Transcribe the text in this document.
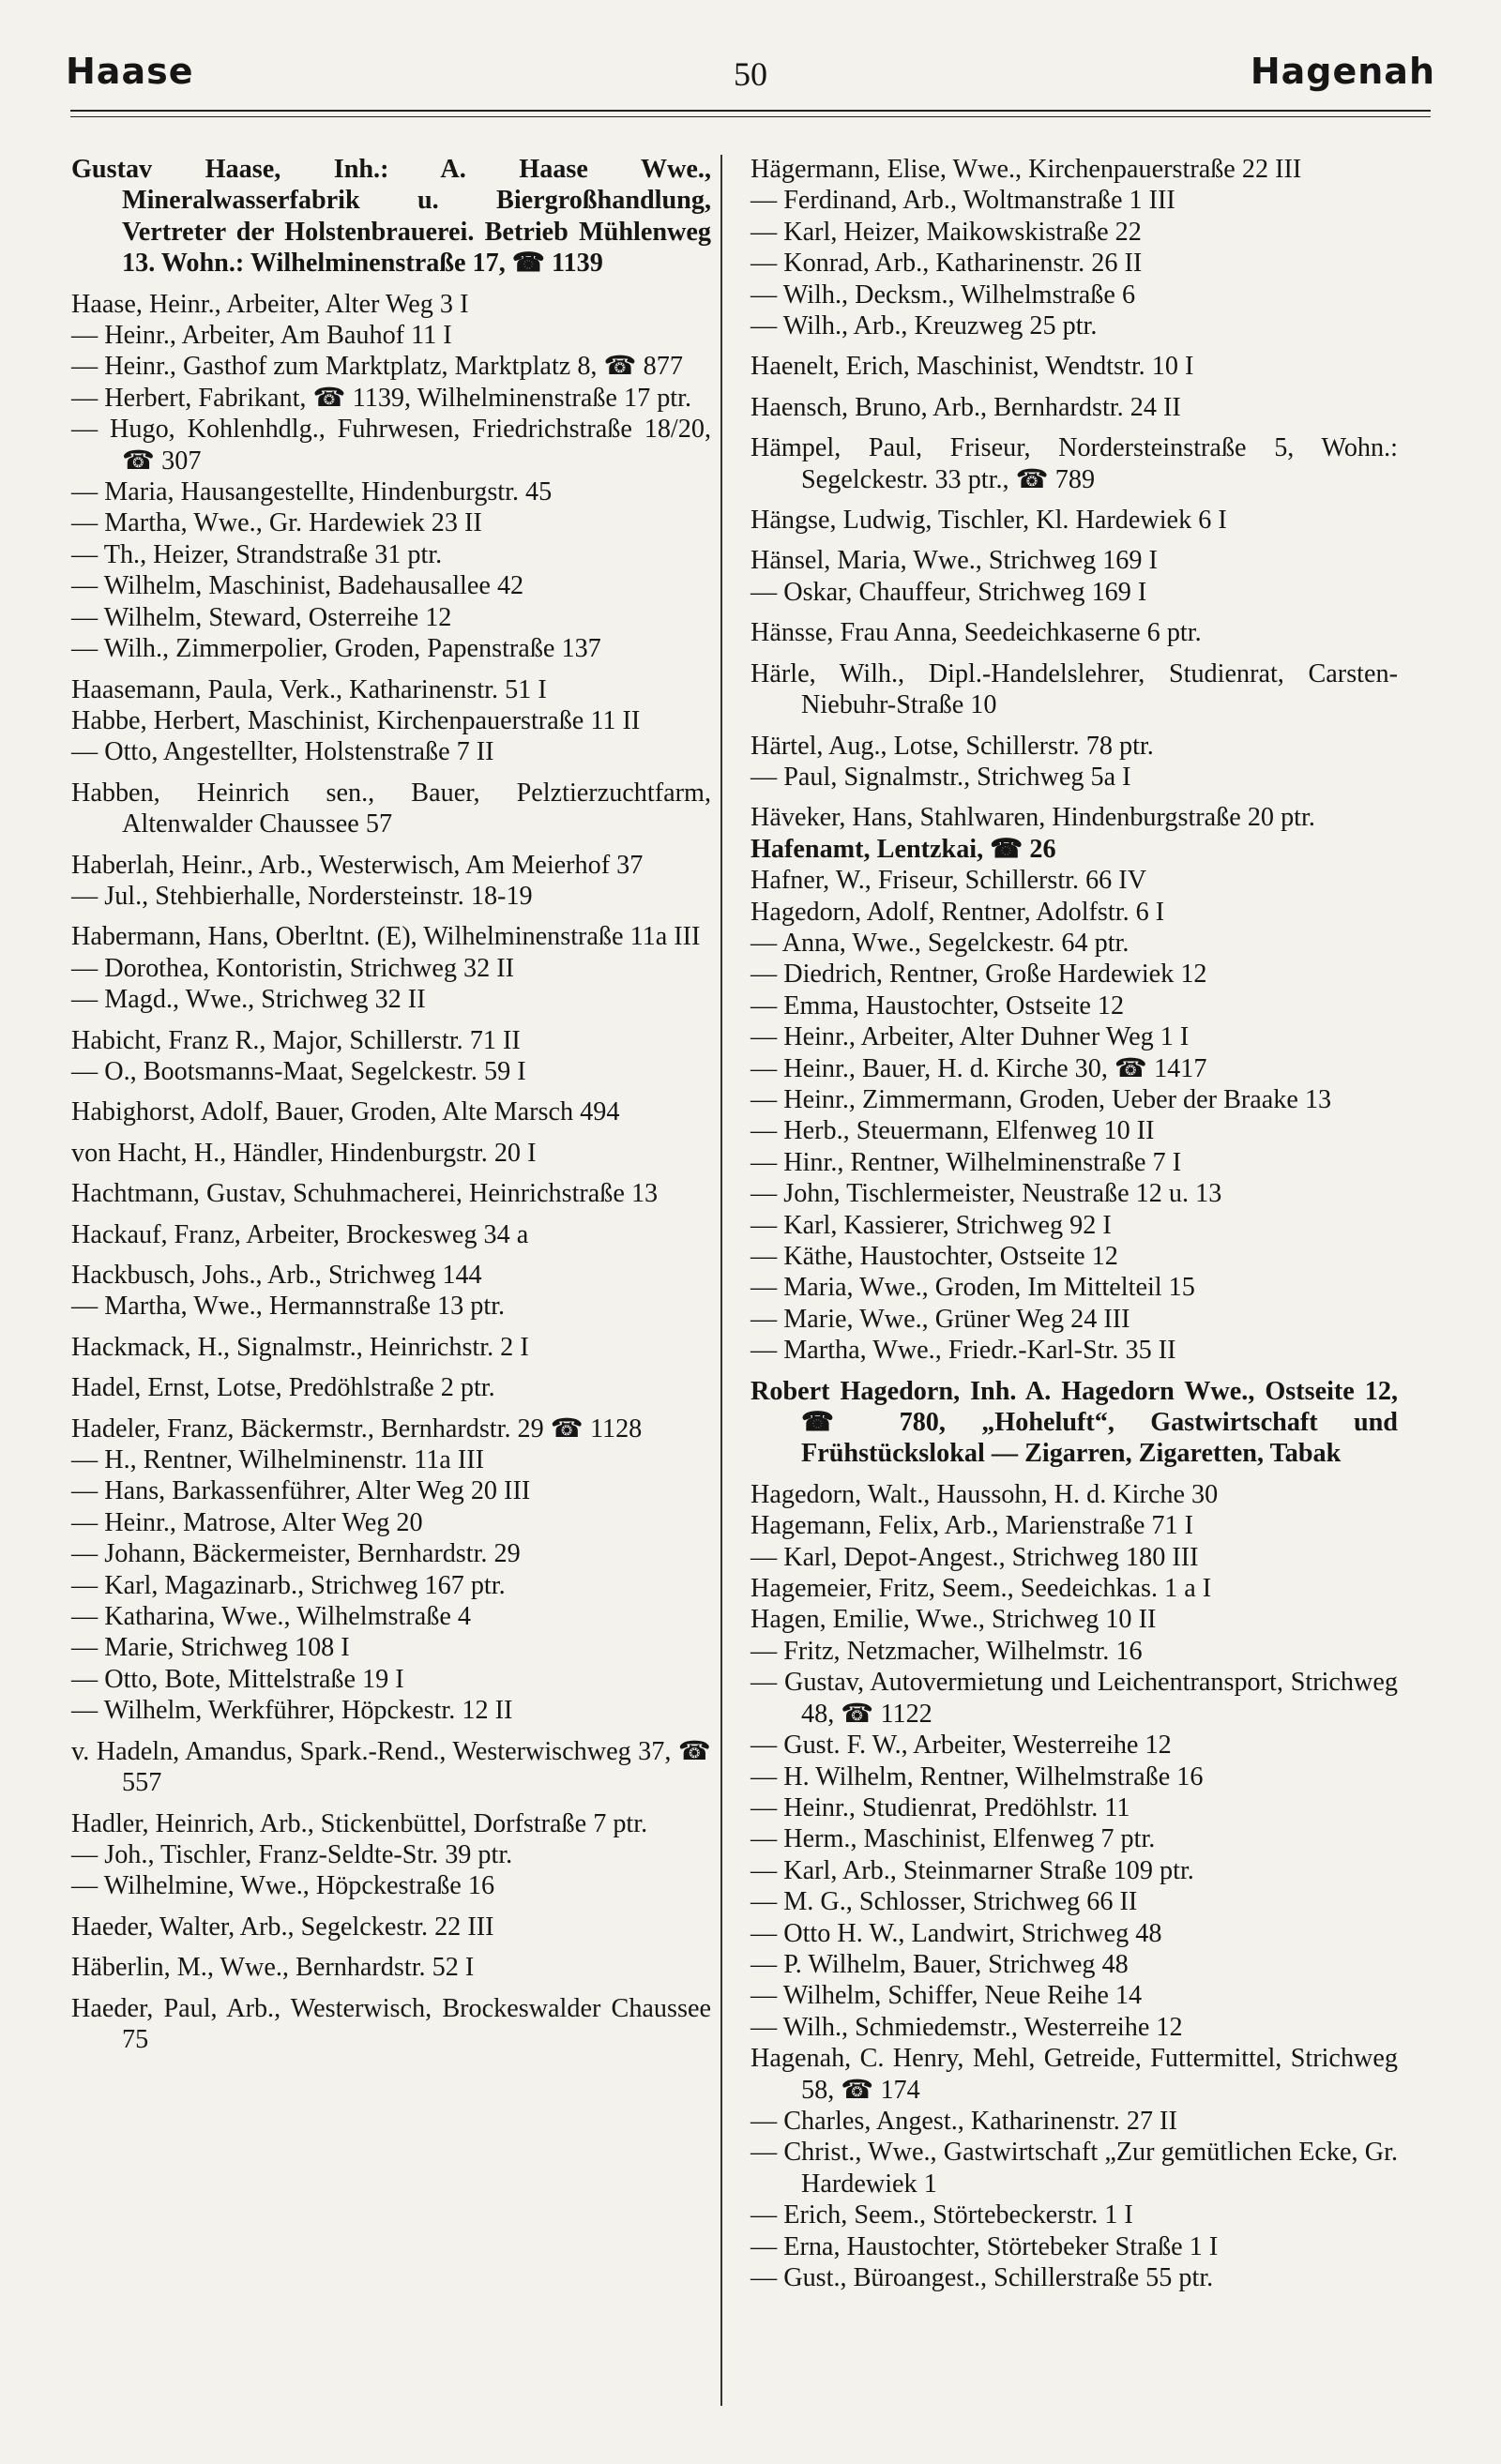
Haase	50	Hagenah
Gustav Haase, Inh.: A. Haase Wwe., Mineralwasserfabrik u. Biergroßhandlung, Vertreter der Holstenbrauerei. Betrieb Mühlenweg 13. Wohn.: Wilhelminenstraße 17, ☎ 1139
Haase, Heinr., Arbeiter, Alter Weg 3 I
— Heinr., Arbeiter, Am Bauhof 11 I
— Heinr., Gasthof zum Marktplatz, Marktplatz 8, ☎ 877
— Herbert, Fabrikant, ☎ 1139, Wilhelminenstraße 17 ptr.
— Hugo, Kohlenhdlg., Fuhrwesen, Friedrichstraße 18/20, ☎ 307
— Maria, Hausangestellte, Hindenburgstr. 45
— Martha, Wwe., Gr. Hardewiek 23 II
— Th., Heizer, Strandstraße 31 ptr.
— Wilhelm, Maschinist, Badehausallee 42
— Wilhelm, Steward, Osterreihe 12
— Wilh., Zimmerpolier, Groden, Papenstraße 137
Haasemann, Paula, Verk., Katharinenstr. 51 I
Habbe, Herbert, Maschinist, Kirchenpauerstraße 11 II
— Otto, Angestellter, Holstenstraße 7 II
Habben, Heinrich sen., Bauer, Pelztierzuchtfarm, Altenwalder Chaussee 57
Haberlah, Heinr., Arb., Westerwisch, Am Meierhof 37
— Jul., Stehbierhalle, Nordersteinstr. 18-19
Habermann, Hans, Oberltnt. (E), Wilhelminenstraße 11a III
— Dorothea, Kontoristin, Strichweg 32 II
— Magd., Wwe., Strichweg 32 II
Habicht, Franz R., Major, Schillerstr. 71 II
— O., Bootsmanns-Maat, Segelckestr. 59 I
Habighorst, Adolf, Bauer, Groden, Alte Marsch 494
von Hacht, H., Händler, Hindenburgstr. 20 I
Hachtmann, Gustav, Schuhmacherei, Heinrichstraße 13
Hackauf, Franz, Arbeiter, Brockesweg 34 a
Hackbusch, Johs., Arb., Strichweg 144
— Martha, Wwe., Hermannstraße 13 ptr.
Hackmack, H., Signalmstr., Heinrichstr. 2 I
Hadel, Ernst, Lotse, Predöhlstraße 2 ptr.
Hadeler, Franz, Bäckermstr., Bernhardstr. 29 ☎ 1128
— H., Rentner, Wilhelminenstr. 11a III
— Hans, Barkassenführer, Alter Weg 20 III
— Heinr., Matrose, Alter Weg 20
— Johann, Bäckermeister, Bernhardstr. 29
— Karl, Magazinarb., Strichweg 167 ptr.
— Katharina, Wwe., Wilhelmstraße 4
— Marie, Strichweg 108 I
— Otto, Bote, Mittelstraße 19 I
— Wilhelm, Werkführer, Höpckestr. 12 II
v. Hadeln, Amandus, Spark.-Rend., Westerwischweg 37, ☎ 557
Hadler, Heinrich, Arb., Stickenbüttel, Dorfstraße 7 ptr.
— Joh., Tischler, Franz-Seldte-Str. 39 ptr.
— Wilhelmine, Wwe., Höpckestraße 16
Haeder, Walter, Arb., Segelckestr. 22 III
Häberlin, M., Wwe., Bernhardstr. 52 I
Haeder, Paul, Arb., Westerwisch, Brockeswalder Chaussee 75
Hägermann, Elise, Wwe., Kirchenpauerstraße 22 III
— Ferdinand, Arb., Woltmanstraße 1 III
— Karl, Heizer, Maikowskistraße 22
— Konrad, Arb., Katharinenstr. 26 II
— Wilh., Decksm., Wilhelmstraße 6
— Wilh., Arb., Kreuzweg 25 ptr.
Haenelt, Erich, Maschinist, Wendtstr. 10 I
Haensch, Bruno, Arb., Bernhardstr. 24 II
Hämpel, Paul, Friseur, Nordersteinstraße 5, Wohn.: Segelckestr. 33 ptr., ☎ 789
Hängse, Ludwig, Tischler, Kl. Hardewiek 6 I
Hänsel, Maria, Wwe., Strichweg 169 I
— Oskar, Chauffeur, Strichweg 169 I
Hänsse, Frau Anna, Seedeichkaserne 6 ptr.
Härle, Wilh., Dipl.-Handelslehrer, Studienrat, Carsten-Niebuhr-Straße 10
Härtel, Aug., Lotse, Schillerstr. 78 ptr.
— Paul, Signalmstr., Strichweg 5a I
Häveker, Hans, Stahlwaren, Hindenburgstraße 20 ptr.
Hafenamt, Lentzkai, ☎ 26
Hafner, W., Friseur, Schillerstr. 66 IV
Hagedorn, Adolf, Rentner, Adolfstr. 6 I
— Anna, Wwe., Segelckestr. 64 ptr.
— Diedrich, Rentner, Große Hardewiek 12
— Emma, Haustochter, Ostseite 12
— Heinr., Arbeiter, Alter Duhner Weg 1 I
— Heinr., Bauer, H. d. Kirche 30, ☎ 1417
— Heinr., Zimmermann, Groden, Ueber der Braake 13
— Herb., Steuermann, Elfenweg 10 II
— Hinr., Rentner, Wilhelminenstraße 7 I
— John, Tischlermeister, Neustraße 12 u. 13
— Karl, Kassierer, Strichweg 92 I
— Käthe, Haustochter, Ostseite 12
— Maria, Wwe., Groden, Im Mittelteil 15
— Marie, Wwe., Grüner Weg 24 III
— Martha, Wwe., Friedr.-Karl-Str. 35 II
Robert Hagedorn, Inh. A. Hagedorn Wwe., Ostseite 12, ☎ 780, „Hoheluft“, Gastwirtschaft und Frühstückslokal — Zigarren, Zigaretten, Tabak
Hagedorn, Walt., Haussohn, H. d. Kirche 30
Hagemann, Felix, Arb., Marienstraße 71 I
— Karl, Depot-Angest., Strichweg 180 III
Hagemeier, Fritz, Seem., Seedeichkas. 1 a I
Hagen, Emilie, Wwe., Strichweg 10 II
— Fritz, Netzmacher, Wilhelmstr. 16
— Gustav, Autovermietung und Leichentransport, Strichweg 48, ☎ 1122
— Gust. F. W., Arbeiter, Westerreihe 12
— H. Wilhelm, Rentner, Wilhelmstraße 16
— Heinr., Studienrat, Predöhlstr. 11
— Herm., Maschinist, Elfenweg 7 ptr.
— Karl, Arb., Steinmarner Straße 109 ptr.
— M. G., Schlosser, Strichweg 66 II
— Otto H. W., Landwirt, Strichweg 48
— P. Wilhelm, Bauer, Strichweg 48
— Wilhelm, Schiffer, Neue Reihe 14
— Wilh., Schmiedemstr., Westerreihe 12
Hagenah, C. Henry, Mehl, Getreide, Futtermittel, Strichweg 58, ☎ 174
— Charles, Angest., Katharinenstr. 27 II
— Christ., Wwe., Gastwirtschaft „Zur gemütlichen Ecke, Gr. Hardewiek 1
— Erich, Seem., Störtebeckerstr. 1 I
— Erna, Haustochter, Störtebeker Straße 1 I
— Gust., Büroangest., Schillerstraße 55 ptr.
